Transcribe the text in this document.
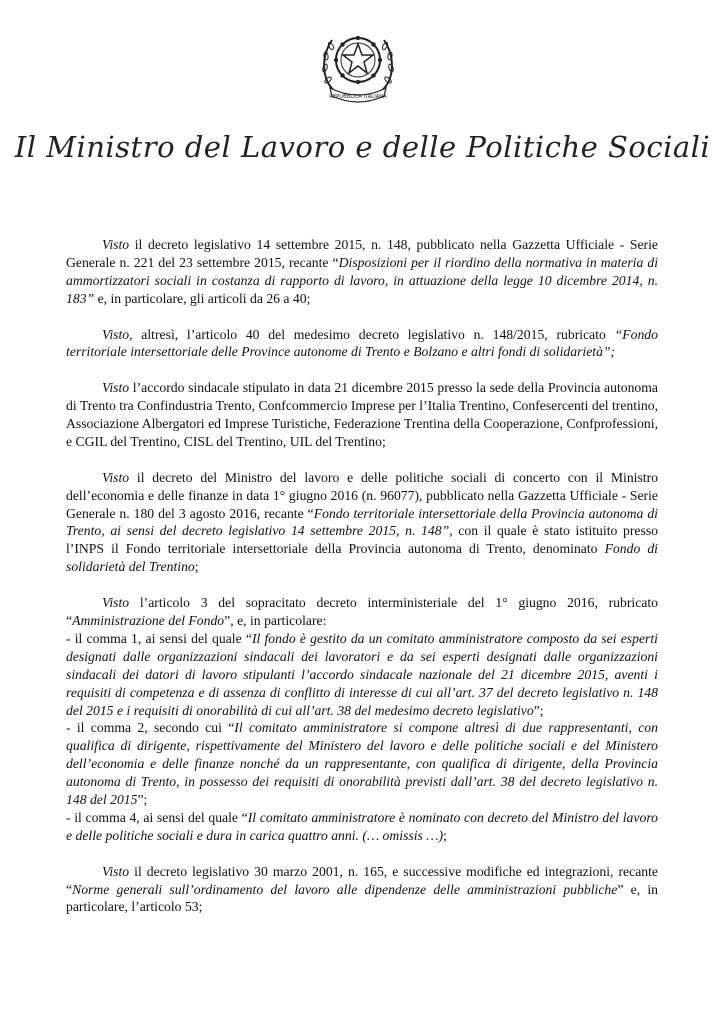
REPUBBLICA ITALIANA
Il Ministro del Lavoro e delle Politiche Sociali

Visto il decreto legislativo 14 settembre 2015, n. 148, pubblicato nella Gazzetta Ufficiale - Serie Generale n. 221 del 23 settembre 2015, recante “Disposizioni per il riordino della normativa in materia di ammortizzatori sociali in costanza di rapporto di lavoro, in attuazione della legge 10 dicembre 2014, n. 183” e, in particolare, gli articoli da 26 a 40;

Visto, altresì, l’articolo 40 del medesimo decreto legislativo n. 148/2015, rubricato “Fondo territoriale intersettoriale delle Province autonome di Trento e Bolzano e altri fondi di solidarietà”;

Visto l’accordo sindacale stipulato in data 21 dicembre 2015 presso la sede della Provincia autonoma di Trento tra Confindustria Trento, Confcommercio Imprese per l’Italia Trentino, Confesercenti del trentino, Associazione Albergatori ed Imprese Turistiche, Federazione Trentina della Cooperazione, Confprofessioni, e CGIL del Trentino, CISL del Trentino, UIL del Trentino;

Visto il decreto del Ministro del lavoro e delle politiche sociali di concerto con il Ministro dell’economia e delle finanze in data 1° giugno 2016 (n. 96077), pubblicato nella Gazzetta Ufficiale - Serie Generale n. 180 del 3 agosto 2016, recante “Fondo territoriale intersettoriale della Provincia autonoma di Trento, ai sensi del decreto legislativo 14 settembre 2015, n. 148”, con il quale è stato istituito presso l’INPS il Fondo territoriale intersettoriale della Provincia autonoma di Trento, denominato Fondo di solidarietà del Trentino;

Visto l’articolo 3 del sopracitato decreto interministeriale del 1° giugno 2016, rubricato “Amministrazione del Fondo”, e, in particolare:

- il comma 1, ai sensi del quale “Il fondo è gestito da un comitato amministratore composto da sei esperti designati dalle organizzazioni sindacali dei lavoratori e da sei esperti designati dalle organizzazioni sindacali dei datori di lavoro stipulanti l’accordo sindacale nazionale del 21 dicembre 2015, aventi i requisiti di competenza e di assenza di conflitto di interesse di cui all’art. 37 del decreto legislativo n. 148 del 2015 e i requisiti di onorabilità di cui all’art. 38 del medesimo decreto legislativo”;

- il comma 2, secondo cui “Il comitato amministratore si compone altresì di due rappresentanti, con qualifica di dirigente, rispettivamente del Ministero del lavoro e delle politiche sociali e del Ministero dell’economia e delle finanze nonché da un rappresentante, con qualifica di dirigente, della Provincia autonoma di Trento, in possesso dei requisiti di onorabilità previsti dall’art. 38 del decreto legislativo n. 148 del 2015”;

- il comma 4, ai sensi del quale “Il comitato amministratore è nominato con decreto del Ministro del lavoro e delle politiche sociali e dura in carica quattro anni. (… omissis …);

Visto il decreto legislativo 30 marzo 2001, n. 165, e successive modifiche ed integrazioni, recante “Norme generali sull’ordinamento del lavoro alle dipendenze delle amministrazioni pubbliche” e, in particolare, l’articolo 53;
